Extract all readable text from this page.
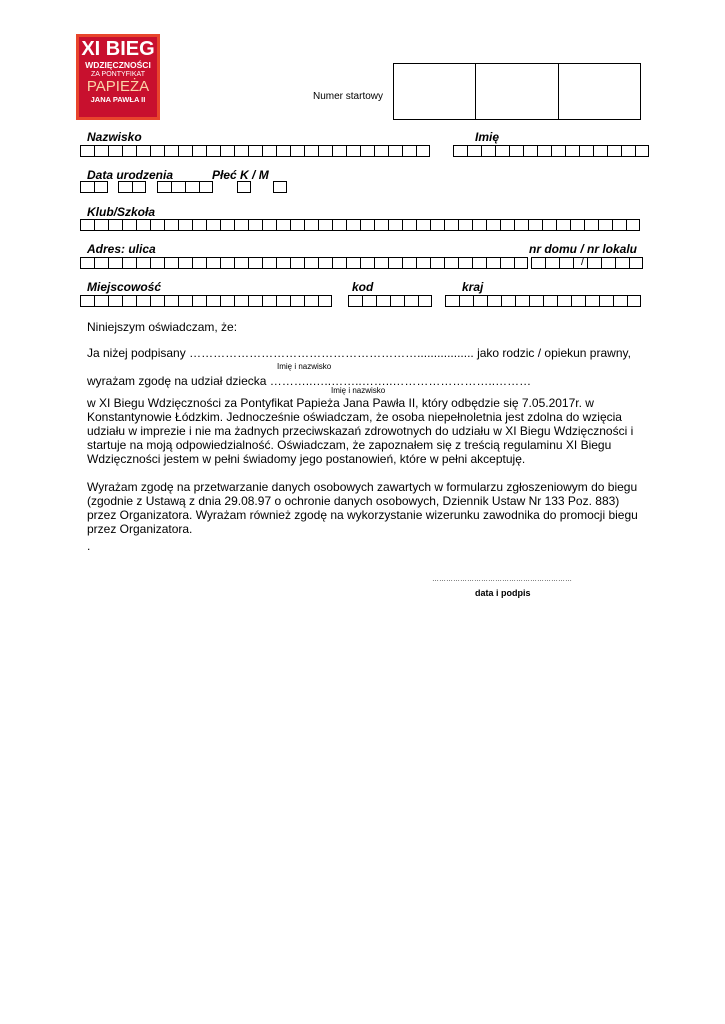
XI BIEG
WDZIĘCZNOŚCI
ZA PONTYFIKAT
PAPIEŻA
JANA PAWŁA II	Numer startowy
Nazwisko	Imię
Data urodzenia	Płeć K / M
Klub/Szkoła
Adres: ulica	nr domu / nr lokalu
/
Miejscowość	kod	kraj
Niniejszym oświadczam, że:
Ja niżej podpisany …………………………………………………................. jako rodzic / opiekun prawny,
Imię i nazwisko
wyrażam zgodę na udział dziecka ………..…..……..……..……………………..………
Imię i nazwisko
w XI Biegu Wdzięczności za Pontyfikat Papieża Jana Pawła II, który odbędzie się 7.05.2017r. w Konstantynowie Łódzkim. Jednocześnie oświadczam, że osoba niepełnoletnia jest zdolna do wzięcia udziału w imprezie i nie ma żadnych przeciwskazań zdrowotnych do udziału w XI Biegu Wdzięczności i startuje na moją odpowiedzialność. Oświadczam, że zapoznałem się z treścią regulaminu XI Biegu Wdzięczności jestem w pełni świadomy jego postanowień, które w pełni akceptuję.
Wyrażam zgodę na przetwarzanie danych osobowych zawartych w formularzu zgłoszeniowym do biegu (zgodnie z Ustawą z dnia 29.08.97 o ochronie danych osobowych, Dziennik Ustaw Nr 133 Poz. 883) przez Organizatora. Wyrażam również zgodę na wykorzystanie wizerunku zawodnika do promocji biegu przez Organizatora.
.
……………………………………………………
data i podpis
